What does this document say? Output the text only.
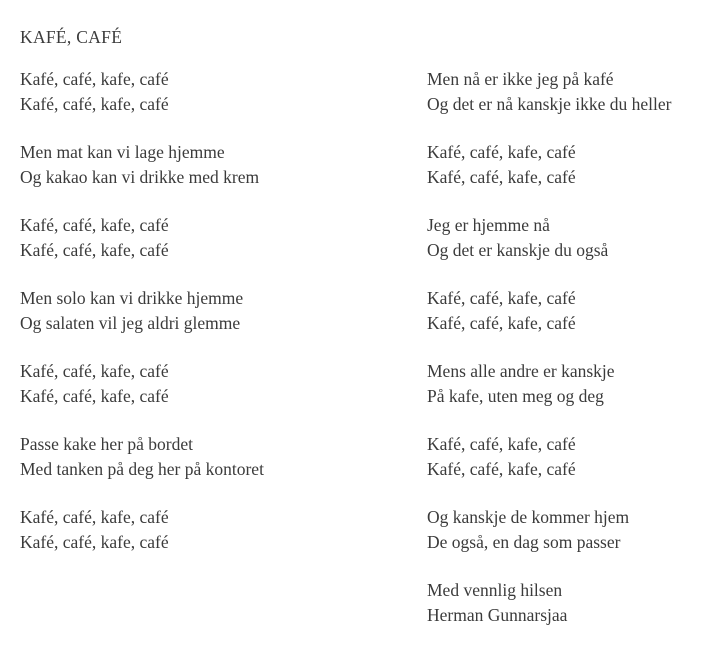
KAFÉ, CAFÉ
Kafé, café, kafe, café
Kafé, café, kafe, café
Men mat kan vi lage hjemme
Og kakao kan vi drikke med krem
Kafé, café, kafe, café
Kafé, café, kafe, café
Men solo kan vi drikke hjemme
Og salaten vil jeg aldri glemme
Kafé, café, kafe, café
Kafé, café, kafe, café
Passe kake her på bordet
Med tanken på deg her på kontoret
Kafé, café, kafe, café
Kafé, café, kafe, café
Men nå er ikke jeg på kafé
Og det er nå kanskje ikke du heller
Kafé, café, kafe, café
Kafé, café, kafe, café
Jeg er hjemme nå
Og det er kanskje du også
Kafé, café, kafe, café
Kafé, café, kafe, café
Mens alle andre er kanskje
På kafe, uten meg og deg
Kafé, café, kafe, café
Kafé, café, kafe, café
Og kanskje de kommer hjem
De også, en dag som passer
Med vennlig hilsen
Herman Gunnarsjaa
